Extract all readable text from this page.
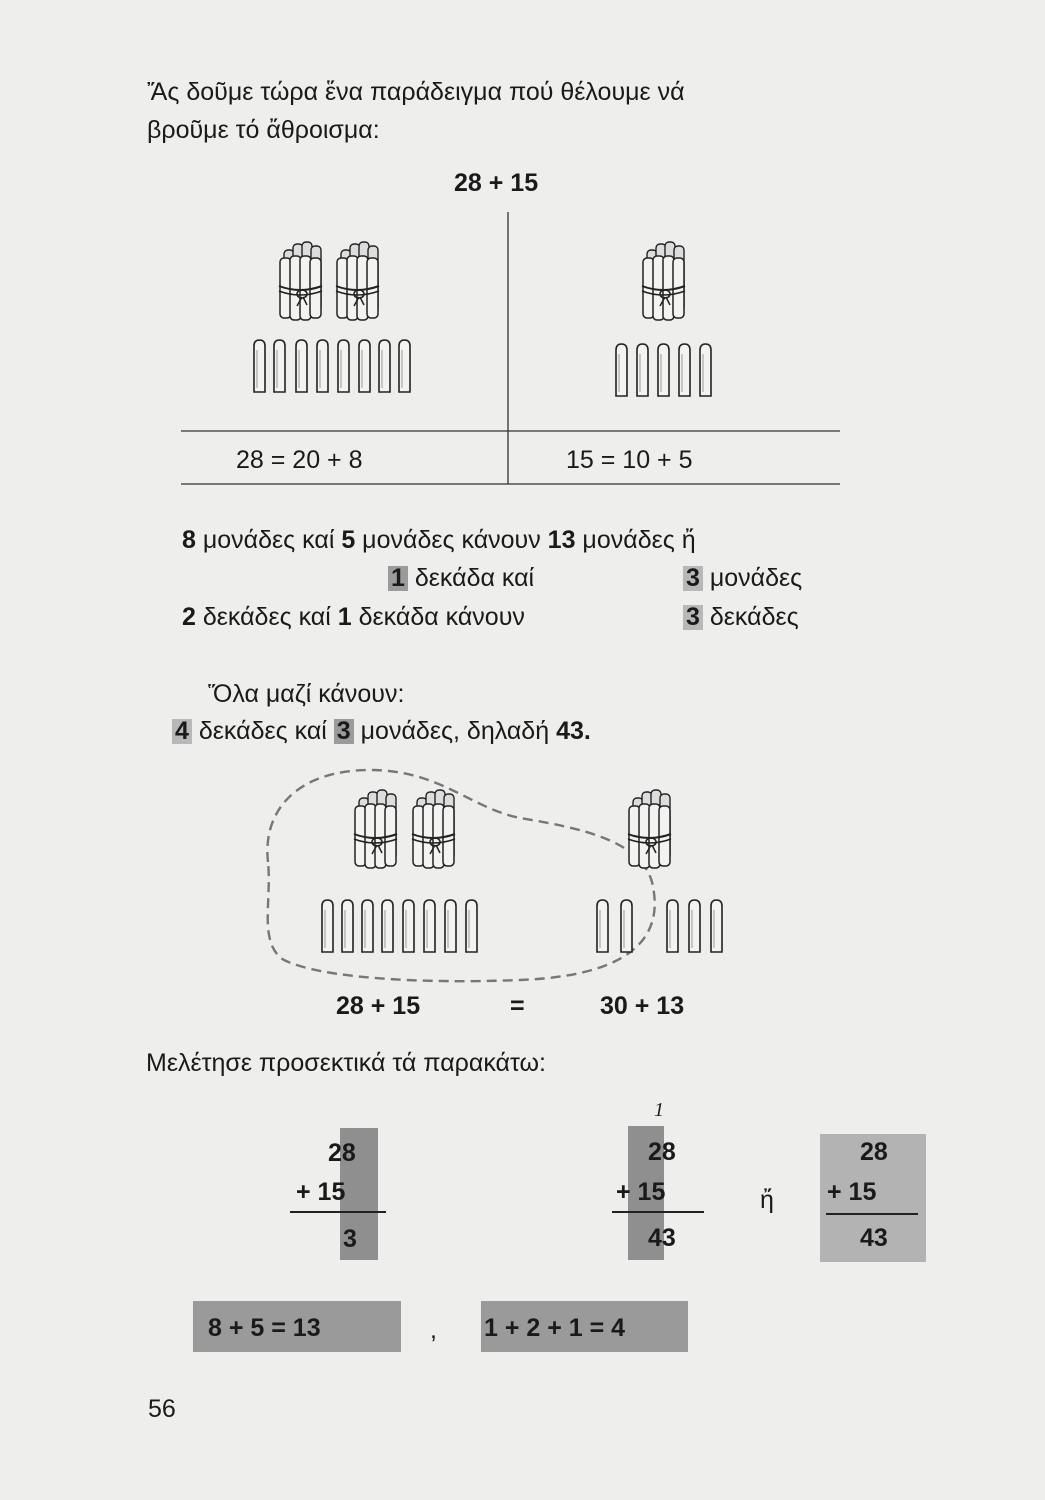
Ἄς δοῦμε τώρα ἕνα παράδειγμα πού θέλουμε νά
βροῦμε τό ἄθροισμα:
28 + 15
28 = 20 + 8	15 = 10 + 5
8 μονάδες καί 5 μονάδες κάνουν 13 μονάδες ἤ
1 δεκάδα καί	3 μονάδες
2 δεκάδες καί 1 δεκάδα κάνουν	3 δεκάδες
Ὅλα μαζί κάνουν:
4 δεκάδες καί 3 μονάδες, δηλαδή 43.
28 + 15	=	30 + 13
Μελέτησε προσεκτικά τά παρακάτω:
28
+ 15
3
1
28
+ 15
43
ἤ
28
+ 15
43
8 + 5 = 13	, 1 + 2 + 1 = 4
56
